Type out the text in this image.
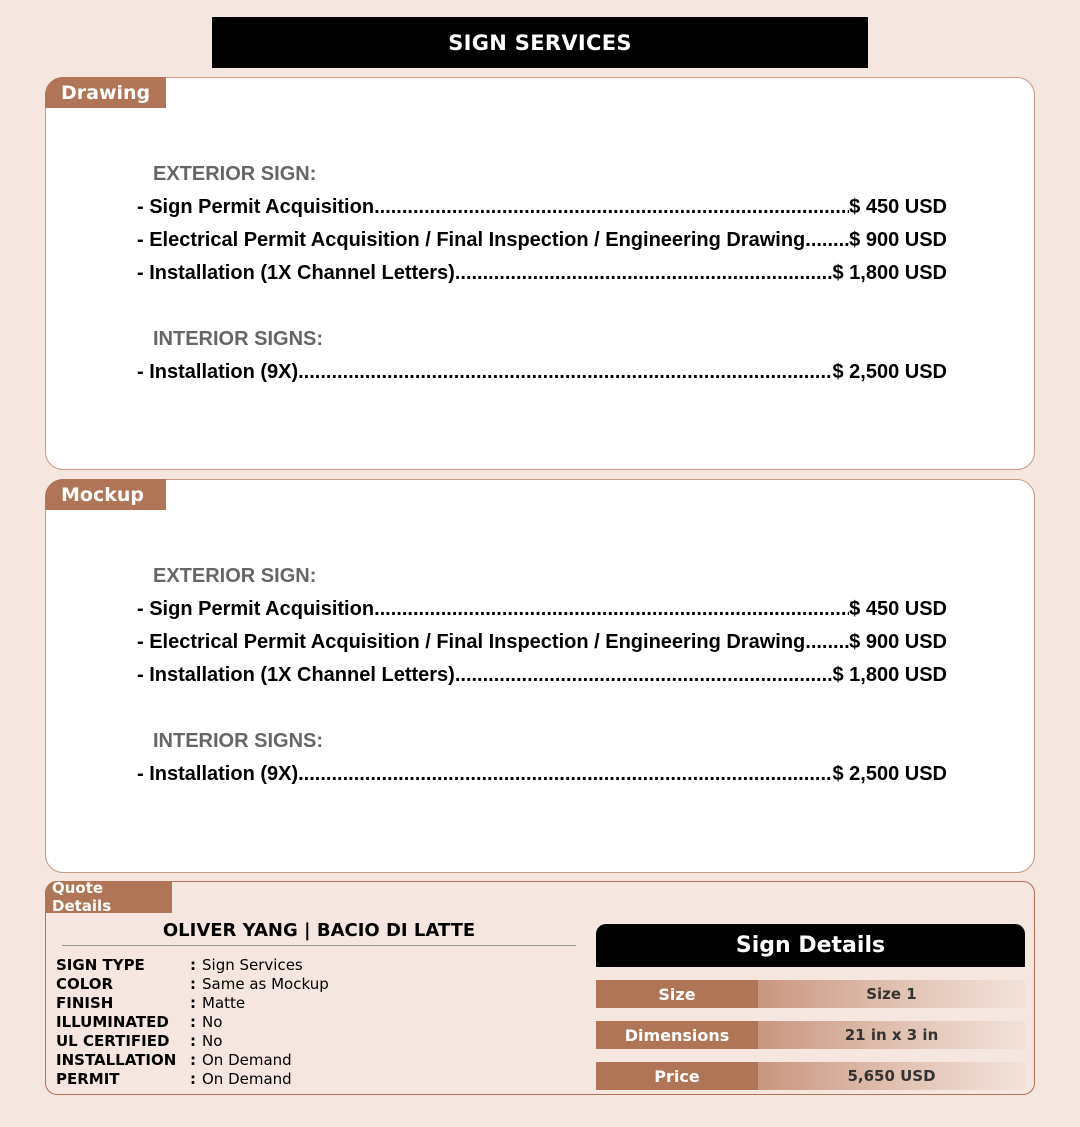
SIGN SERVICES
Drawing
EXTERIOR SIGN:
- Sign Permit Acquisition .....	$ 450 USD
- Electrical Permit Acquisition / Final Inspection / Engineering Drawing ..... $ 900 USD
- Installation (1X Channel Letters) .....	$ 1,800 USD
INTERIOR SIGNS:
- Installation (9X) .....	$ 2,500 USD
Mockup
EXTERIOR SIGN:
- Sign Permit Acquisition .....	$ 450 USD
- Electrical Permit Acquisition / Final Inspection / Engineering Drawing ..... $ 900 USD
- Installation (1X Channel Letters) .....	$ 1,800 USD
INTERIOR SIGNS:
- Installation (9X) .....	$ 2,500 USD
Quote Details
OLIVER YANG | BACIO DI LATTE
SIGN TYPE	: Sign Services
COLOR	: Same as Mockup
FINISH	: Matte
ILLUMINATED	: No
UL CERTIFIED	: No
INSTALLATION : On Demand
PERMIT	: On Demand
Sign Details
Size	Size 1
Dimensions	21 in x 3 in
Price	5,650 USD
